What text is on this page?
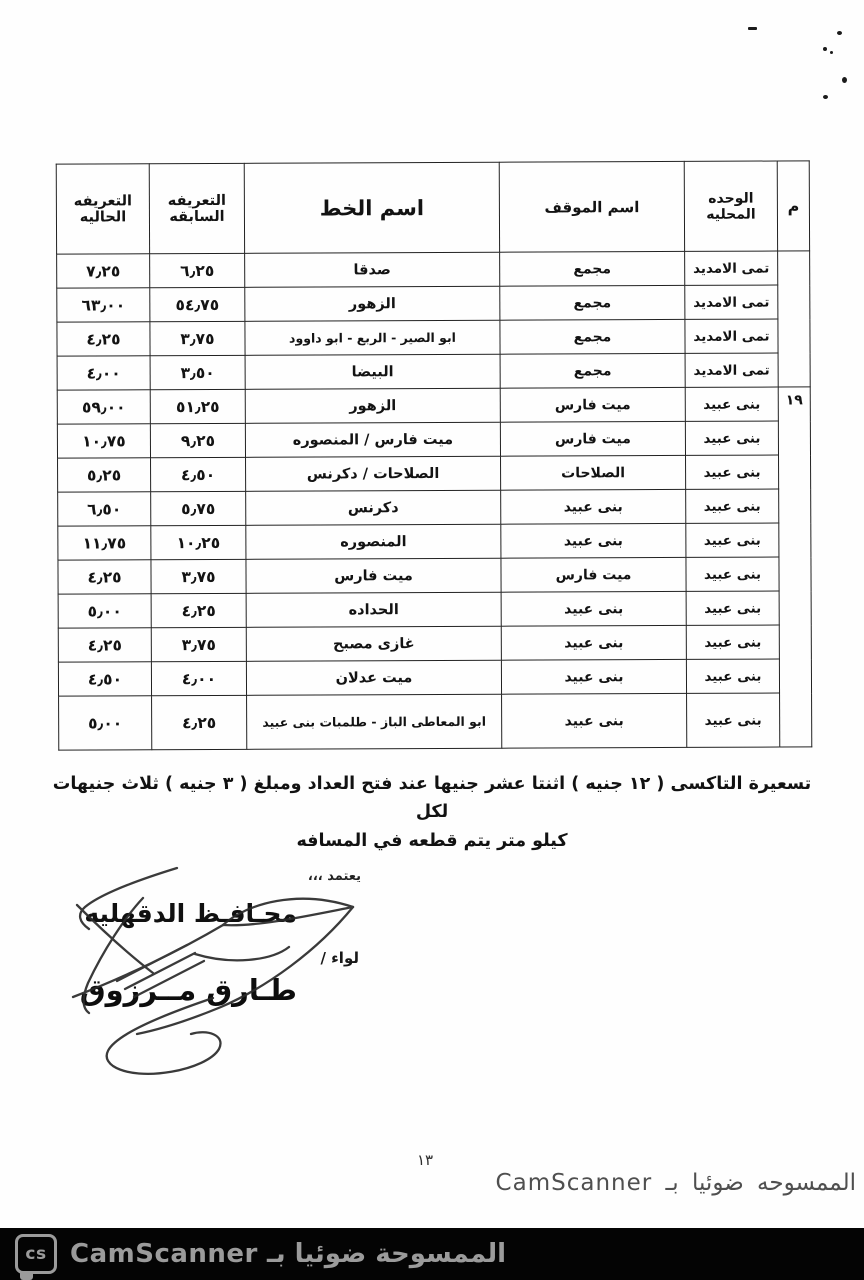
م	الوحده المحليه	اسم الموقف	اسم الخط	التعريفه السابقه	التعريفه الحاليه
	تمى الامديد	مجمع	صدقا	٦٫٢٥	٧٫٢٥
	تمى الامديد	مجمع	الزهور	٥٤٫٧٥	٦٣٫٠٠
	تمى الامديد	مجمع	ابو الصير - الربع - ابو داوود	٣٫٧٥	٤٫٢٥
	تمى الامديد	مجمع	البيضا	٣٫٥٠	٤٫٠٠
١٩	بنى عبيد	ميت فارس	الزهور	٥١٫٢٥	٥٩٫٠٠
	بنى عبيد	ميت فارس	ميت فارس / المنصوره	٩٫٢٥	١٠٫٧٥
	بنى عبيد	الصلاحات	الصلاحات / دكرنس	٤٫٥٠	٥٫٢٥
	بنى عبيد	بنى عبيد	دكرنس	٥٫٧٥	٦٫٥٠
	بنى عبيد	بنى عبيد	المنصوره	١٠٫٢٥	١١٫٧٥
	بنى عبيد	ميت فارس	ميت فارس	٣٫٧٥	٤٫٢٥
	بنى عبيد	بنى عبيد	الحداده	٤٫٢٥	٥٫٠٠
	بنى عبيد	بنى عبيد	غازى مصبح	٣٫٧٥	٤٫٢٥
	بنى عبيد	بنى عبيد	ميت عدلان	٤٫٠٠	٤٫٥٠
	بنى عبيد	بنى عبيد	ابو المعاطى الباز - طلمبات بنى عبيد	٤٫٢٥	٥٫٠٠
تسعيرة التاكسى ( ١٢ جنيه ) اثنتا عشر جنيها عند فتح العداد ومبلغ ( ٣ جنيه ) ثلاث جنيهات لكل
كيلو متر يتم قطعه في المسافه
يعتمد ،،،
محـافـظ الدقهليه
لواء /
طـارق مــرزوق
١٣
الممسوحه ضوئيا بـ CamScanner
cs الممسوحة ضوئيا بـ CamScanner
